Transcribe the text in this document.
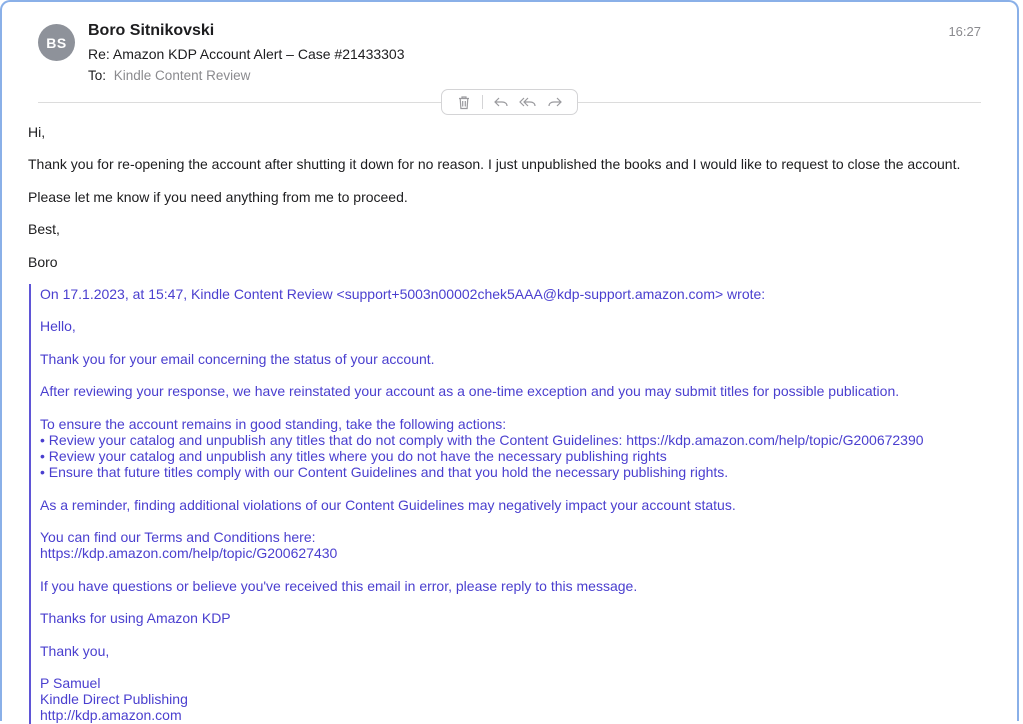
BS
Boro Sitnikovski
Re: Amazon KDP Account Alert – Case #21433303
To: Kindle Content Review
16:27
Hi,
Thank you for re-opening the account after shutting it down for no reason. I just unpublished the books and I would like to request to close the account.
Please let me know if you need anything from me to proceed.
Best,
Boro
On 17.1.2023, at 15:47, Kindle Content Review <support+5003n00002chek5AAA@kdp-support.amazon.com> wrote:
Hello,
Thank you for your email concerning the status of your account.
After reviewing your response, we have reinstated your account as a one-time exception and you may submit titles for possible publication.
To ensure the account remains in good standing, take the following actions:
• Review your catalog and unpublish any titles that do not comply with the Content Guidelines: https://kdp.amazon.com/help/topic/G200672390
• Review your catalog and unpublish any titles where you do not have the necessary publishing rights
• Ensure that future titles comply with our Content Guidelines and that you hold the necessary publishing rights.
As a reminder, finding additional violations of our Content Guidelines may negatively impact your account status.
You can find our Terms and Conditions here:
https://kdp.amazon.com/help/topic/G200627430
If you have questions or believe you've received this email in error, please reply to this message.
Thanks for using Amazon KDP
Thank you,
P Samuel
Kindle Direct Publishing
http://kdp.amazon.com
